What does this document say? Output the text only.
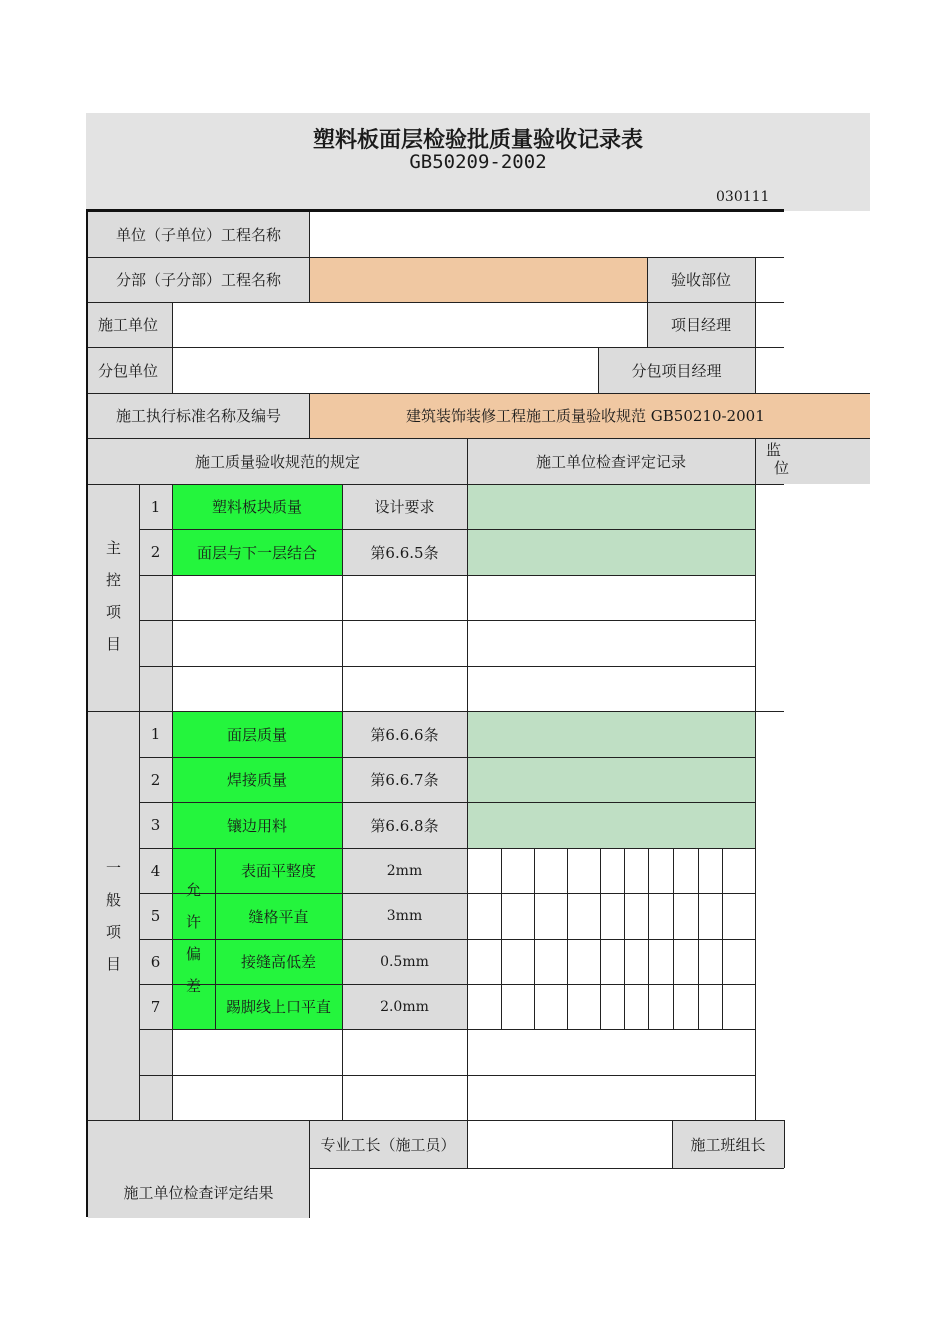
塑料板面层检验批质量验收记录表
GB50209-2002
030111
单位（子单位）工程名称
分部（子分部）工程名称	验收部位
施工单位	项目经理
分包单位	分包项目经理
施工执行标准名称及编号	建筑装饰装修工程施工质量验收规范 GB50210-2001
施工质量验收规范的规定	施工单位检查评定记录
监
位
主
控
项
目
1	塑料板块质量	设计要求
2	面层与下一层结合	第6.6.5条
一
般
项
目
1	面层质量	第6.6.6条
2	焊接质量	第6.6.7条
3	镶边用料	第6.6.8条
允
许
偏
差
4	表面平整度	2mm
5	缝格平直	3mm
6	接缝高低差	0.5mm
7	踢脚线上口平直	2.0mm
专业工长（施工员）	施工班组长
施工单位检查评定结果
